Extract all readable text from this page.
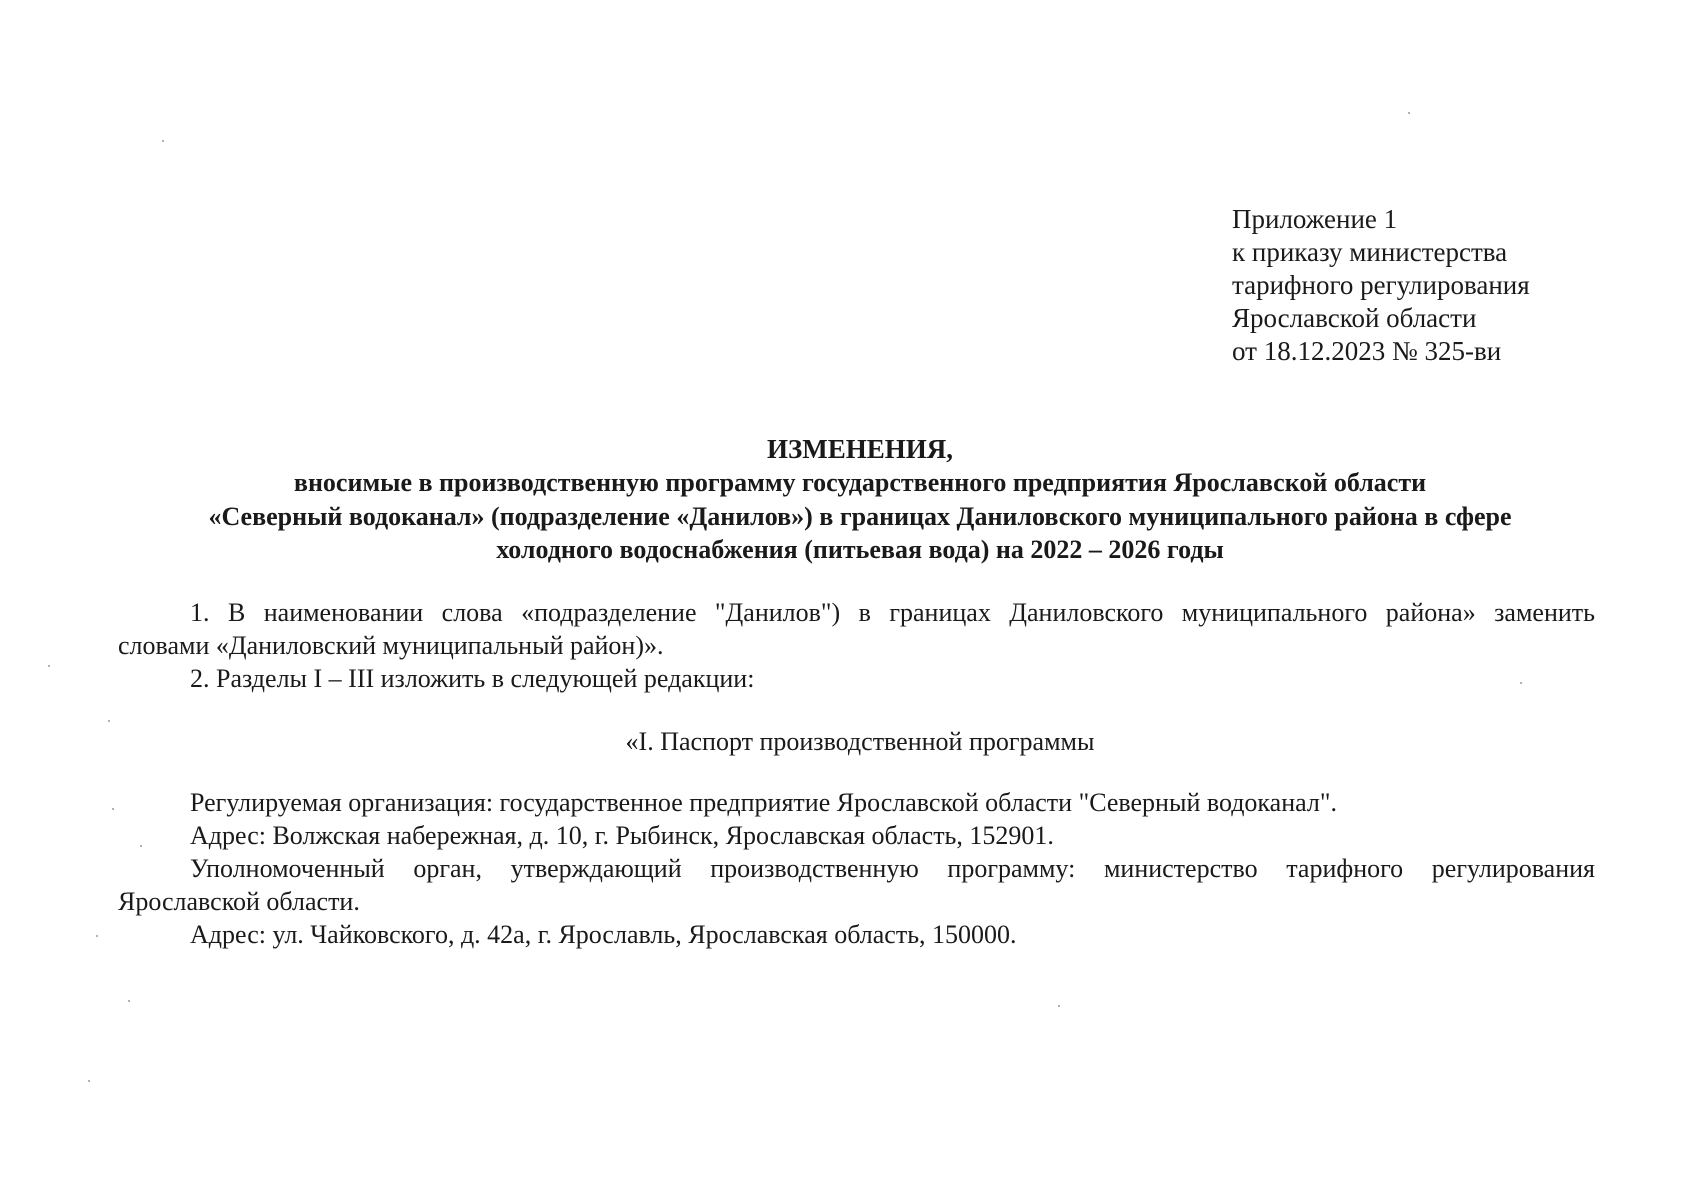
Приложение 1
к приказу министерства
тарифного регулирования
Ярославской области
от 18.12.2023 № 325-ви
ИЗМЕНЕНИЯ,
вносимые в производственную программу государственного предприятия Ярославской области
«Северный водоканал» (подразделение «Данилов») в границах Даниловского муниципального района в сфере
холодного водоснабжения (питьевая вода) на 2022 – 2026 годы
1. В наименовании слова «подразделение "Данилов") в границах Даниловского муниципального района» заменить
словами «Даниловский муниципальный район)».
2. Разделы I – III изложить в следующей редакции:
«I. Паспорт производственной программы
Регулируемая организация: государственное предприятие Ярославской области "Северный водоканал".
Адрес: Волжская набережная, д. 10, г. Рыбинск, Ярославская область, 152901.
Уполномоченный орган, утверждающий производственную программу: министерство тарифного регулирования
Ярославской области.
Адрес: ул. Чайковского, д. 42а, г. Ярославль, Ярославская область, 150000.
